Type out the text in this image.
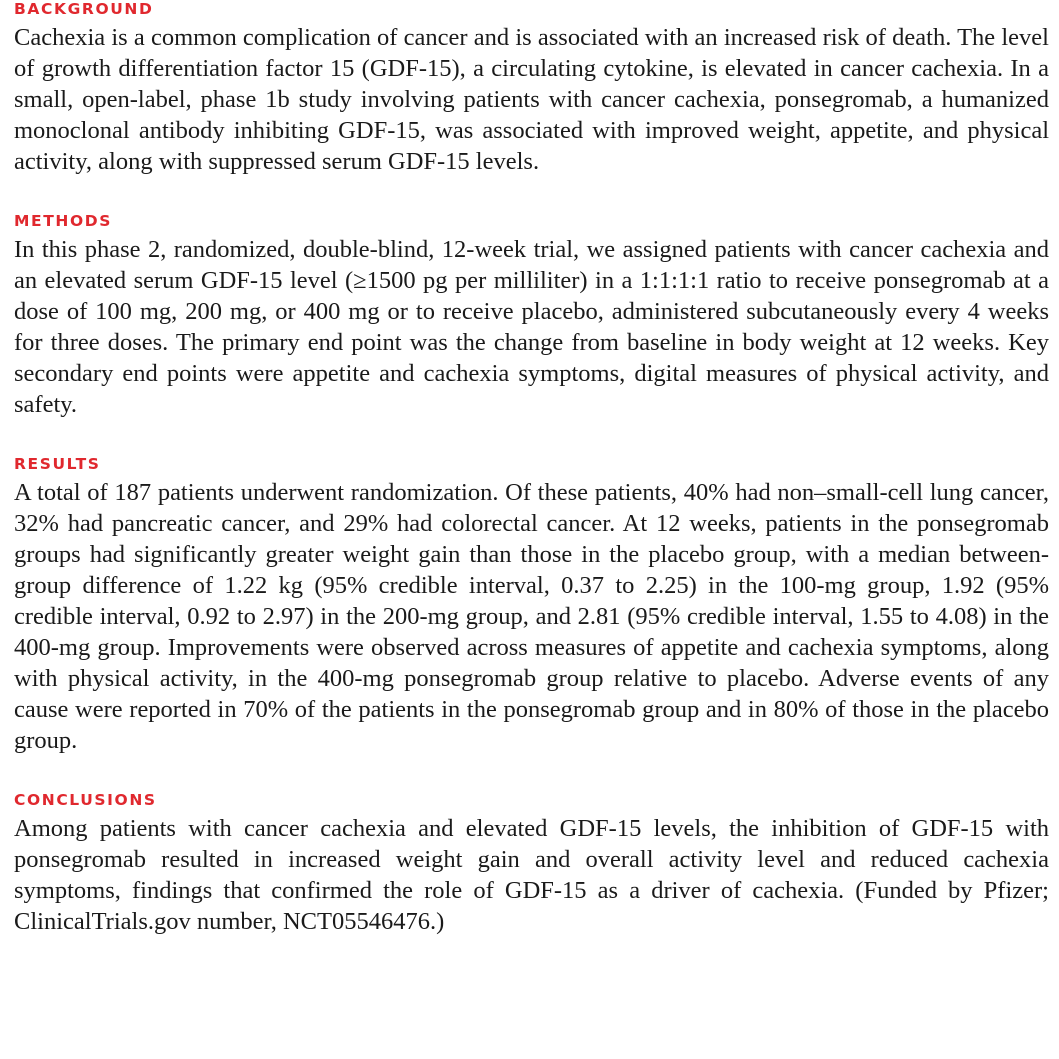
BACKGROUND

Cachexia is a common complication of cancer and is associated with an increased risk of death. The level of growth differentiation factor 15 (GDF-15), a circulating cytokine, is elevated in cancer cachexia. In a small, open-label, phase 1b study involving patients with cancer cachexia, ponsegromab, a humanized monoclonal antibody inhibiting GDF-15, was associated with improved weight, appetite, and physical activity, along with suppressed serum GDF-15 levels.

METHODS

In this phase 2, randomized, double-blind, 12-week trial, we assigned patients with cancer cachexia and an elevated serum GDF-15 level (≥1500 pg per milliliter) in a 1:1:1:1 ratio to receive ponsegromab at a dose of 100 mg, 200 mg, or 400 mg or to receive placebo, administered subcutaneously every 4 weeks for three doses. The primary end point was the change from baseline in body weight at 12 weeks. Key secondary end points were appetite and cachexia symptoms, digital measures of physical activity, and safety.

RESULTS

A total of 187 patients underwent randomization. Of these patients, 40% had non–small-cell lung cancer, 32% had pancreatic cancer, and 29% had colorectal cancer. At 12 weeks, patients in the ponsegromab groups had significantly greater weight gain than those in the placebo group, with a median between-group difference of 1.22 kg (95% credible interval, 0.37 to 2.25) in the 100-mg group, 1.92 (95% credible interval, 0.92 to 2.97) in the 200-mg group, and 2.81 (95% credible interval, 1.55 to 4.08) in the 400-mg group. Improvements were observed across measures of appetite and cachexia symptoms, along with physical activity, in the 400-mg ponsegromab group relative to placebo. Adverse events of any cause were reported in 70% of the patients in the ponsegromab group and in 80% of those in the placebo group.

CONCLUSIONS

Among patients with cancer cachexia and elevated GDF-15 levels, the inhibition of GDF-15 with ponsegromab resulted in increased weight gain and overall activity level and reduced cachexia symptoms, findings that confirmed the role of GDF-15 as a driver of cachexia. (Funded by Pfizer; ClinicalTrials.gov number, NCT05546476.)
